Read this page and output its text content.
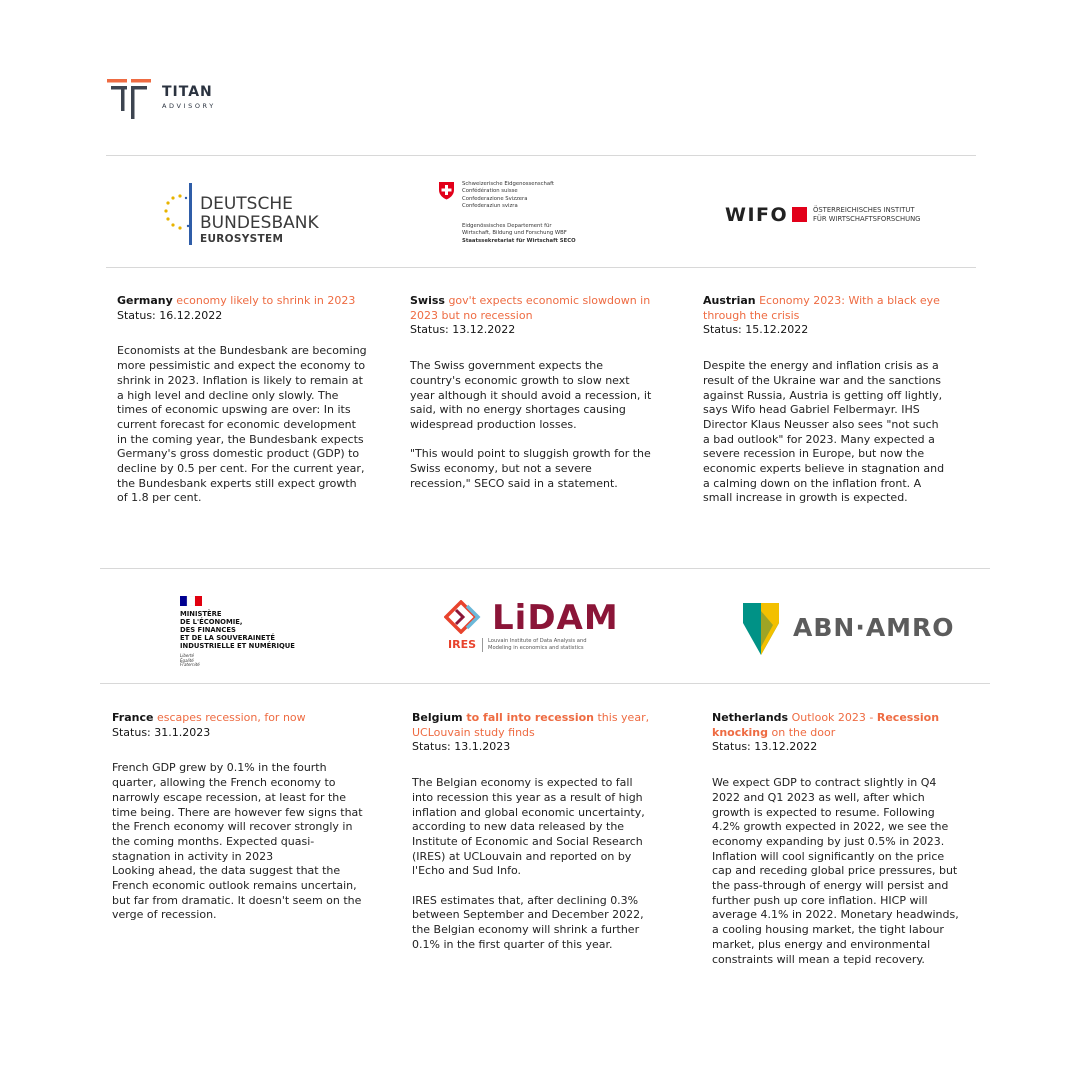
TITAN
ADVISORY
DEUTSCHE
BUNDESBANK
EUROSYSTEM
Schweizerische Eidgenossenschaft
Confédération suisse
Confederazione Svizzera
Confederaziun svizra
Eidgenössisches Departement für
Wirtschaft, Bildung und Forschung WBF
Staatssekretariat für Wirtschaft SECO
WIFO	ÖSTERREICHISCHES INSTITUT
FÜR WIRTSCHAFTSFORSCHUNG

Germany economy likely to shrink in 2023

Status: 16.12.2022

Economists at the Bundesbank are becoming more pessimistic and expect the economy to shrink in 2023. Inflation is likely to remain at a high level and decline only slowly. The times of economic upswing are over: In its current forecast for economic development in the coming year, the Bundesbank expects Germany's gross domestic product (GDP) to decline by 0.5 per cent. For the current year, the Bundesbank experts still expect growth of 1.8 per cent.

Swiss gov't expects economic slowdown in 2023 but no recession

Status: 13.12.2022

The Swiss government expects the country's economic growth to slow next year although it should avoid a recession, it said, with no energy shortages causing widespread production losses.

"This would point to sluggish growth for the Swiss economy, but not a severe recession," SECO said in a statement.

Austrian Economy 2023: With a black eye through the crisis

Status: 15.12.2022

Despite the energy and inflation crisis as a result of the Ukraine war and the sanctions against Russia, Austria is getting off lightly, says Wifo head Gabriel Felbermayr. IHS Director Klaus Neusser also sees "not such a bad outlook" for 2023. Many expected a severe recession in Europe, but now the economic experts believe in stagnation and a calming down on the inflation front. A small increase in growth is expected.

MINISTÈRE
DE L'ÉCONOMIE,
DES FINANCES
ET DE LA SOUVERAINETÉ
INDUSTRIELLE ET NUMÉRIQUE
Liberté
Égalité
Fraternité
LiDAM
IRES Louvain Institute of Data Analysis and
Modeling in economics and statistics
ABN·AMRO

France escapes recession, for now

Status: 31.1.2023

French GDP grew by 0.1% in the fourth quarter, allowing the French economy to narrowly escape recession, at least for the time being. There are however few signs that the French economy will recover strongly in the coming months. Expected quasi-stagnation in activity in 2023

Looking ahead, the data suggest that the French economic outlook remains uncertain, but far from dramatic. It doesn't seem on the verge of recession.

Belgium to fall into recession this year, UCLouvain study finds

Status: 13.1.2023

The Belgian economy is expected to fall into recession this year as a result of high inflation and global economic uncertainty, according to new data released by the Institute of Economic and Social Research (IRES) at UCLouvain and reported on by l'Echo and Sud Info.

IRES estimates that, after declining 0.3% between September and December 2022, the Belgian economy will shrink a further 0.1% in the first quarter of this year.

Netherlands Outlook 2023 - Recession knocking on the door

Status: 13.12.2022

We expect GDP to contract slightly in Q4 2022 and Q1 2023 as well, after which growth is expected to resume. Following 4.2% growth expected in 2022, we see the economy expanding by just 0.5% in 2023. Inflation will cool significantly on the price cap and receding global price pressures, but the pass-through of energy will persist and further push up core inflation. HICP will average 4.1% in 2022. Monetary headwinds, a cooling housing market, the tight labour market, plus energy and environmental constraints will mean a tepid recovery.
